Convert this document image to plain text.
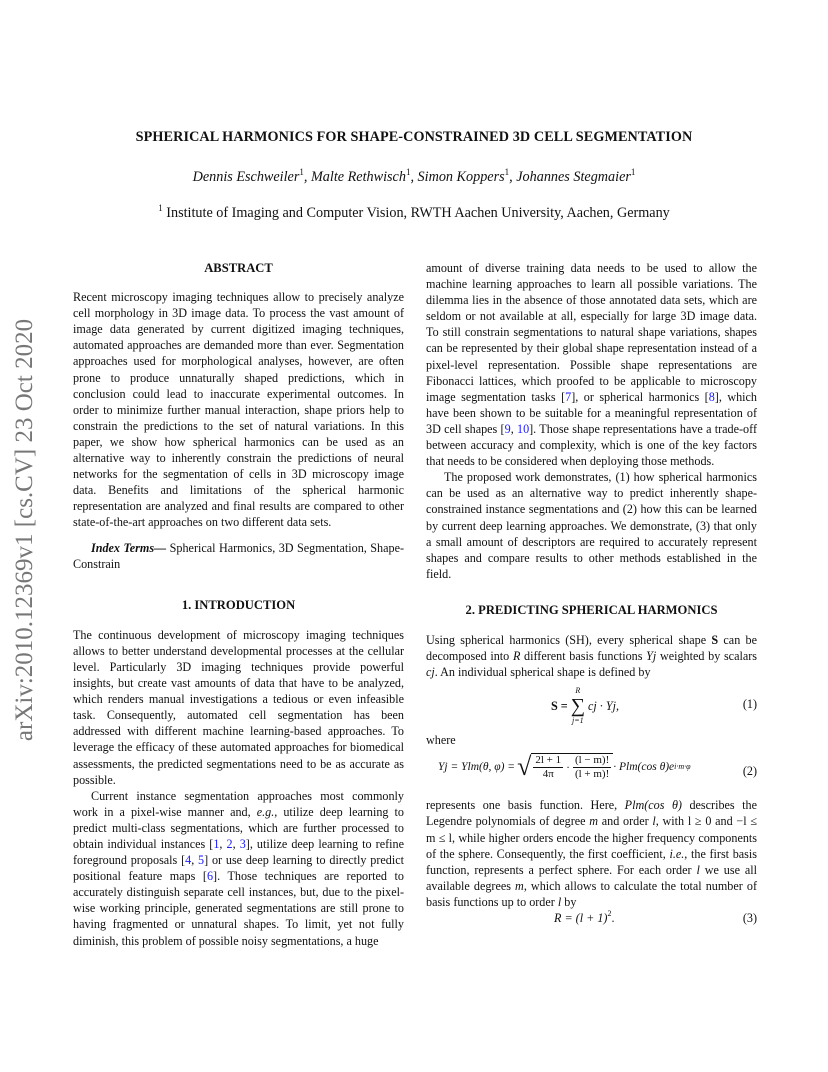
arXiv:2010.12369v1 [cs.CV] 23 Oct 2020
SPHERICAL HARMONICS FOR SHAPE-CONSTRAINED 3D CELL SEGMENTATION
Dennis Eschweiler$^1$, Malte Rethwisch$^1$, Simon Koppers$^1$, Johannes Stegmaier$^1$
$^1$ Institute of Imaging and Computer Vision, RWTH Aachen University, Aachen, Germany
ABSTRACT

Recent microscopy imaging techniques allow to precisely analyze cell morphology in 3D image data. To process the vast amount of image data generated by current digitized imaging techniques, automated approaches are demanded more than ever. Segmentation approaches used for morphological analyses, however, are often prone to produce unnaturally shaped predictions, which in conclusion could lead to inaccurate experimental outcomes. In order to minimize further manual interaction, shape priors help to constrain the predictions to the set of natural variations. In this paper, we show how spherical harmonics can be used as an alternative way to inherently constrain the predictions of neural networks for the segmentation of cells in 3D microscopy image data. Benefits and limitations of the spherical harmonic representation are analyzed and final results are compared to other state-of-the-art approaches on two different data sets.

Index Terms— Spherical Harmonics, 3D Segmentation, Shape-Constrain

1. INTRODUCTION

The continuous development of microscopy imaging techniques allows to better understand developmental processes at the cellular level. Particularly 3D imaging techniques provide powerful insights, but create vast amounts of data that have to be analyzed, which renders manual investigations a tedious or even infeasible task. Consequently, automated cell segmentation has been addressed with different machine learning-based approaches. To leverage the efficacy of these automated approaches for biomedical assessments, the predicted segmentations need to be as accurate as possible.

Current instance segmentation approaches most commonly work in a pixel-wise manner and, e.g., utilize deep learning to predict multi-class segmentations, which are further processed to obtain individual instances [1, 2, 3], utilize deep learning to refine foreground proposals [4, 5] or use deep learning to directly predict positional feature maps [6]. Those techniques are reported to accurately distinguish separate cell instances, but, due to the pixel-wise working principle, generated segmentations are still prone to having fragmented or unnatural shapes. To limit, yet not fully diminish, this problem of possible noisy segmentations, a huge

amount of diverse training data needs to be used to allow the machine learning approaches to learn all possible variations. The dilemma lies in the absence of those annotated data sets, which are seldom or not available at all, especially for large 3D image data. To still constrain segmentations to natural shape variations, shapes can be represented by their global shape representation instead of a pixel-level representation. Possible shape representations are Fibonacci lattices, which proofed to be applicable to microscopy image segmentation tasks [7], or spherical harmonics [8], which have been shown to be suitable for a meaningful representation of 3D cell shapes [9, 10]. Those shape representations have a trade-off between accuracy and complexity, which is one of the key factors that needs to be considered when deploying those methods.

The proposed work demonstrates, (1) how spherical harmonics can be used as an alternative way to predict inherently shape-constrained instance segmentations and (2) how this can be learned by current deep learning approaches. We demonstrate, (3) that only a small amount of descriptors are required to accurately represent shapes and compare results to other methods established in the field.

2. PREDICTING SPHERICAL HARMONICS

Using spherical harmonics (SH), every spherical shape S can be decomposed into R different basis functions Yj weighted by scalars cj. An individual spherical shape is defined by

S =
R
∑
j=1
cj · Yj,	(1)

where

Yj = Ylm(θ, φ) = √ $\frac{2l + 1}{4\pi} \cdot \frac{(l - m)!}{(l + m)!} \cdot Plm(\cos$ θ)e i·m·φ	(2)

represents one basis function. Here, Plm(cos θ) describes the Legendre polynomials of degree m and order l, with l ≥ 0 and −l ≤ m ≤ l, while higher orders encode the higher frequency components of the sphere. Consequently, the first coefficient, i.e., the first basis function, represents a perfect sphere. For each order l we use all available degrees m, which allows to calculate the total number of basis functions up to order l by

$R = (l + 1)^2$.	(3)
